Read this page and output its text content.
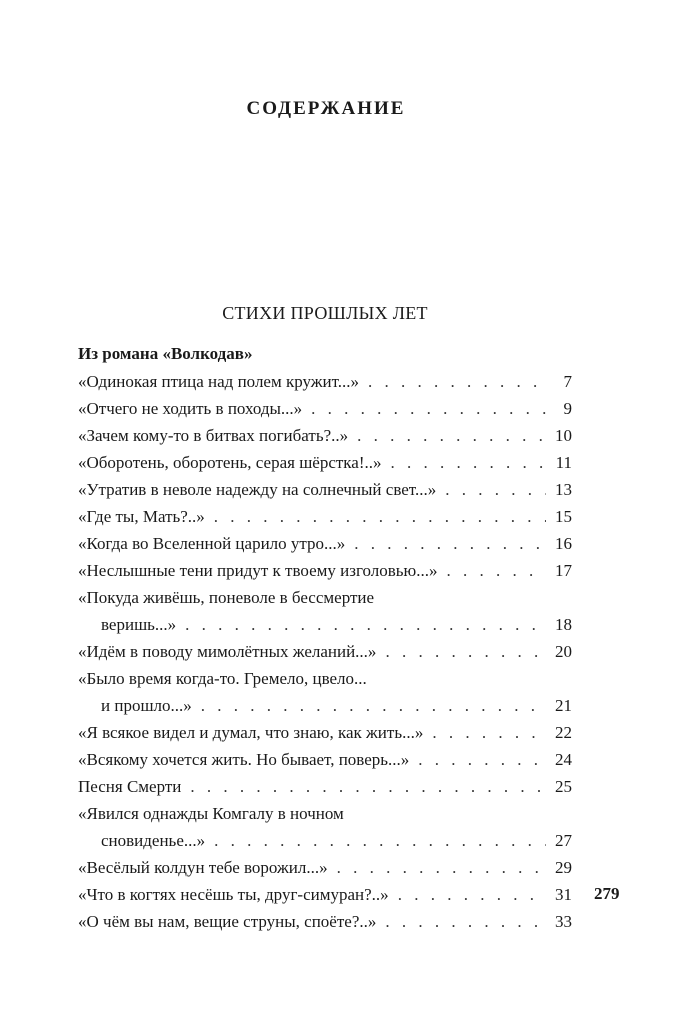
СОДЕРЖАНИЕ
СТИХИ ПРОШЛЫХ ЛЕТ
Из романа «Волкодав»
«Одинокая птица над полем кружит...» . . .	7
«Отчего не ходить в походы...» . . .	9
«Зачем кому-то в битвах погибать?..» . . .	10
«Оборотень, оборотень, серая шёрстка!..» . . .	11
«Утратив в неволе надежду на солнечный свет...» . . .	13
«Где ты, Мать?..» . . .	15
«Когда во Вселенной царило утро...» . . .	16
«Неслышные тени придут к твоему изголовью...» . . .	17
«Покуда живёшь, поневоле в бессмертие
веришь...» . . .	18
«Идём в поводу мимолётных желаний...» . . .	20
«Было время когда-то. Гремело, цвело...
и прошло...» . . .	21
«Я всякое видел и думал, что знаю, как жить...» . . .	22
«Всякому хочется жить. Но бывает, поверь...» . . .	24
Песня Смерти . . .	25
«Явился однажды Комгалу в ночном
сновиденье...» . . .	27
«Весёлый колдун тебе ворожил...» . . .	29
«Что в когтях несёшь ты, друг-симуран?..» . . .	31
«О чём вы нам, вещие струны, споёте?..» . . .	33
279
